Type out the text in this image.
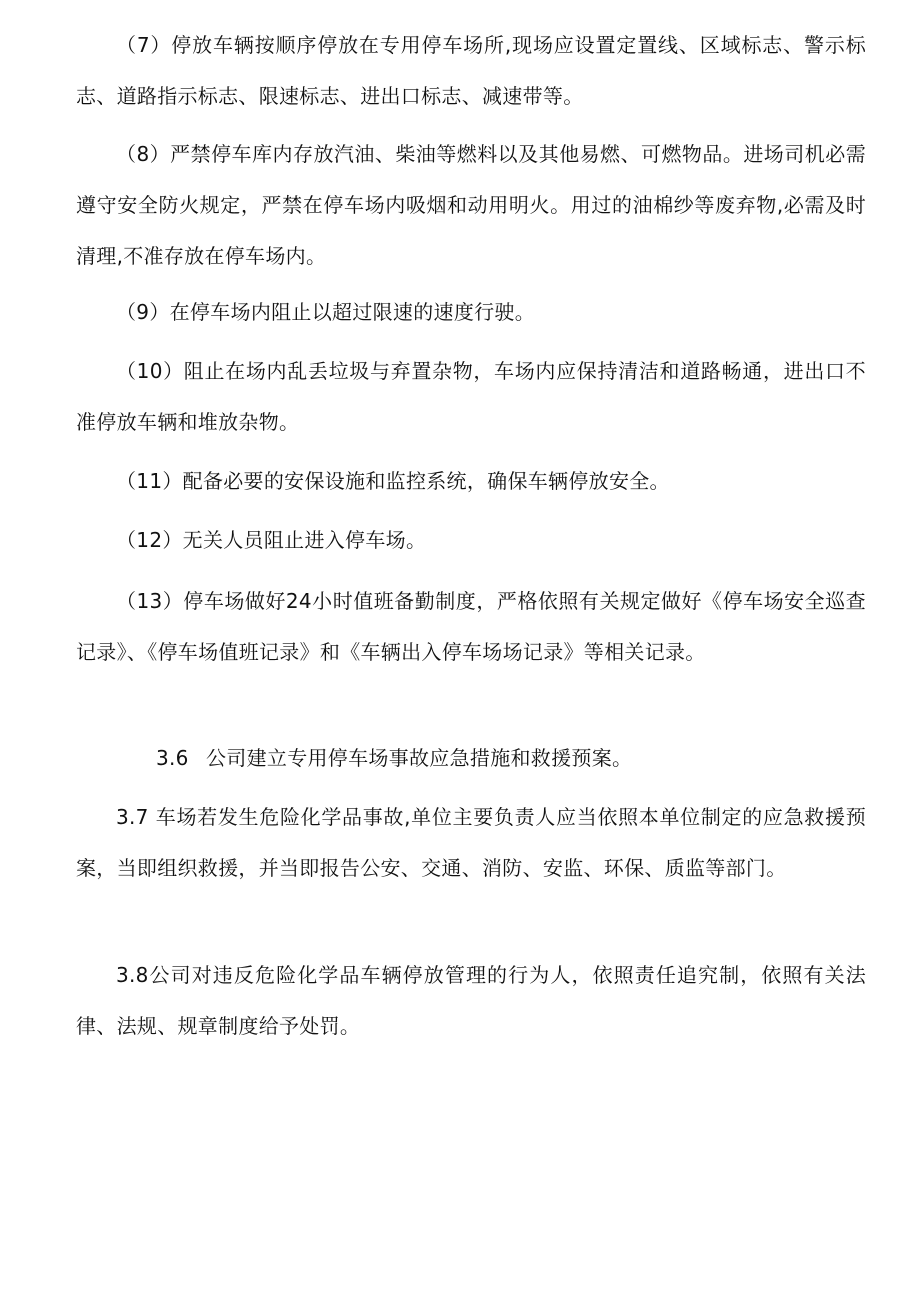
（7）停放车辆按顺序停放在专用停车场所,现场应设置定置线、区域标志、警示标志、道路指示标志、限速标志、进出口标志、减速带等。

（8）严禁停车库内存放汽油、柴油等燃料以及其他易燃、可燃物品。进场司机必需遵守安全防火规定，严禁在停车场内吸烟和动用明火。用过的油棉纱等废弃物,必需及时清理,不准存放在停车场内。

（9）在停车场内阻止以超过限速的速度行驶。

（10）阻止在场内乱丢垃圾与弃置杂物，车场内应保持清洁和道路畅通，进出口不准停放车辆和堆放杂物。

（11）配备必要的安保设施和监控系统，确保车辆停放安全。

（12）无关人员阻止进入停车场。

（13）停车场做好24小时值班备勤制度，严格依照有关规定做好《停车场安全巡查记录》、《停车场值班记录》和《车辆出入停车场场记录》等相关记录。

3.6 公司建立专用停车场事故应急措施和救援预案。

3.7 车场若发生危险化学品事故,单位主要负责人应当依照本单位制定的应急救援预案，当即组织救援，并当即报告公安、交通、消防、安监、环保、质监等部门。

3.8公司对违反危险化学品车辆停放管理的行为人，依照责任追究制，依照有关法律、法规、规章制度给予处罚。
